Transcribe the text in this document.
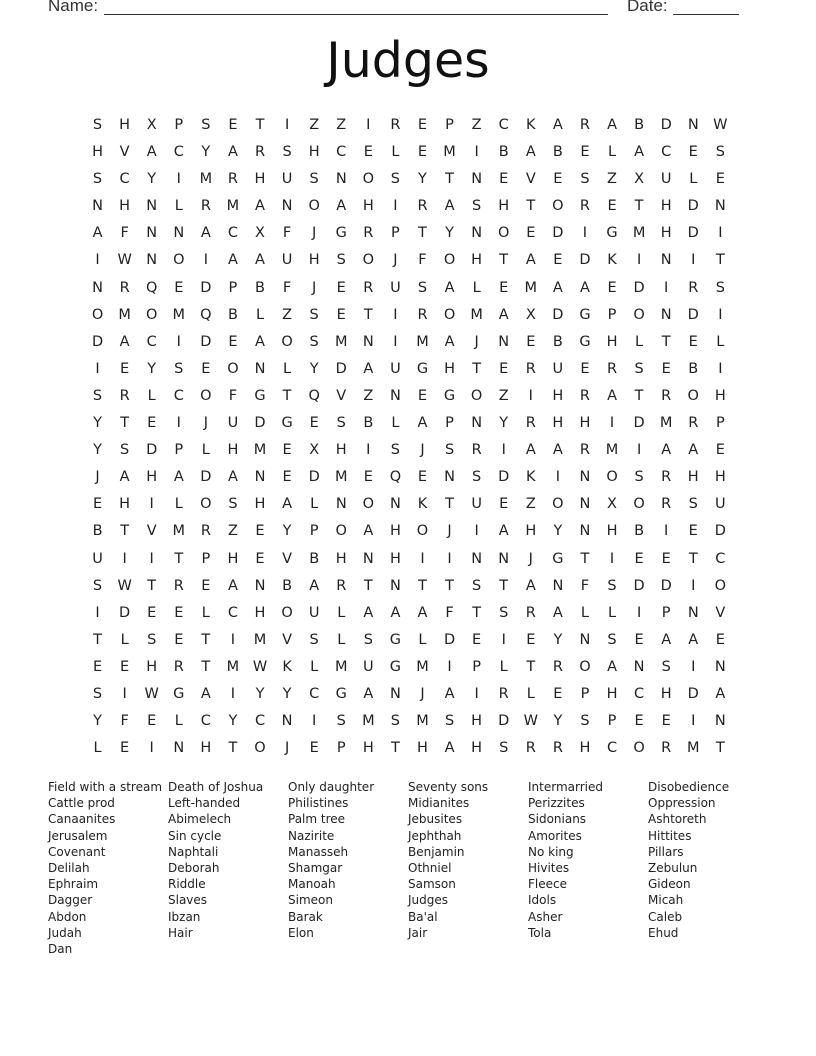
Name:	Date:
Judges
S	H	X	P	S	E	T	I	Z	Z	I	R	E	P	Z	C	K	A	R	A	B	D	N W
H	V	A	C	Y	A	R	S	H	C	E	L	E	M	I	B	A	B	E	L	A	C	E	S
S	C	Y	I	M	R	H	U	S	N	O	S	Y	T	N	E	V	E	S	Z	X	U	L	E
N	H	N	L	R	M	A	N	O	A	H	I	R	A	S	H	T	O	R	E	T	H	D	N
A	F	N	N	A	C	X	F	J	G	R	P	T	Y	N	O	E	D	I	G	M	H	D	I
I	W N	O	I	A	A	U	H	S	O	J	F	O	H	T	A	E	D	K	I	N	I	T
N	R	Q	E	D	P	B	F	J	E	R	U	S	A	L	E	M	A	A	E	D	I	R	S
O	M	O	M	Q	B	L	Z	S	E	T	I	R	O	M	A	X	D	G	P	O	N	D	I
D	A	C	I	D	E	A	O	S	M	N	I	M	A	J	N	E	B	G	H	L	T	E	L
I	E	Y	S	E	O	N	L	Y	D	A	U	G	H	T	E	R	U	E	R	S	E	B	I
S	R	L	C	O	F	G	T	Q	V	Z	N	E	G	O	Z	I	H	R	A	T	R	O	H
Y	T	E	I	J	U	D	G	E	S	B	L	A	P	N	Y	R	H	H	I	D	M	R	P
Y	S	D	P	L	H	M	E	X	H	I	S	J	S	R	I	A	A	R	M	I	A	A	E
J	A	H	A	D	A	N	E	D	M	E	Q	E	N	S	D	K	I	N	O	S	R	H	H
E	H	I	L	O	S	H	A	L	N	O	N	K	T	U	E	Z	O	N	X	O	R	S	U
B	T	V	M	R	Z	E	Y	P	O	A	H	O	J	I	A	H	Y	N	H	B	I	E	D
U	I	I	T	P	H	E	V	B	H	N	H	I	I	N	N	J	G	T	I	E	E	T	C
S	W	T	R	E	A	N	B	A	R	T	N	T	T	S	T	A	N	F	S	D	D	I	O
I	D	E	E	L	C	H	O	U	L	A	A	A	F	T	S	R	A	L	L	I	P	N	V
T	L	S	E	T	I	M	V	S	L	S	G	L	D	E	I	E	Y	N	S	E	A	A	E
E	E	H	R	T	M W	K	L	M	U	G	M	I	P	L	T	R	O	A	N	S	I	N
S	I	W G	A	I	Y	Y	C	G	A	N	J	A	I	R	L	E	P	H	C	H	D	A
Y	F	E	L	C	Y	C	N	I	S	M	S	M	S	H	D W	Y	S	P	E	E	I	N
L	E	I	N	H	T	O	J	E	P	H	T	H	A	H	S	R	R	H	C	O	R	M	T
Field with a stream
Cattle prod
Canaanites
Jerusalem
Covenant
Delilah
Ephraim
Dagger
Abdon
Judah
Dan
Death of Joshua
Left-handed
Abimelech
Sin cycle
Naphtali
Deborah
Riddle
Slaves
Ibzan
Hair
Only daughter
Philistines
Palm tree
Nazirite
Manasseh
Shamgar
Manoah
Simeon
Barak
Elon
Seventy sons
Midianites
Jebusites
Jephthah
Benjamin
Othniel
Samson
Judges
Ba'al
Jair
Intermarried
Perizzites
Sidonians
Amorites
No king
Hivites
Fleece
Idols
Asher
Tola
Disobedience
Oppression
Ashtoreth
Hittites
Pillars
Zebulun
Gideon
Micah
Caleb
Ehud
